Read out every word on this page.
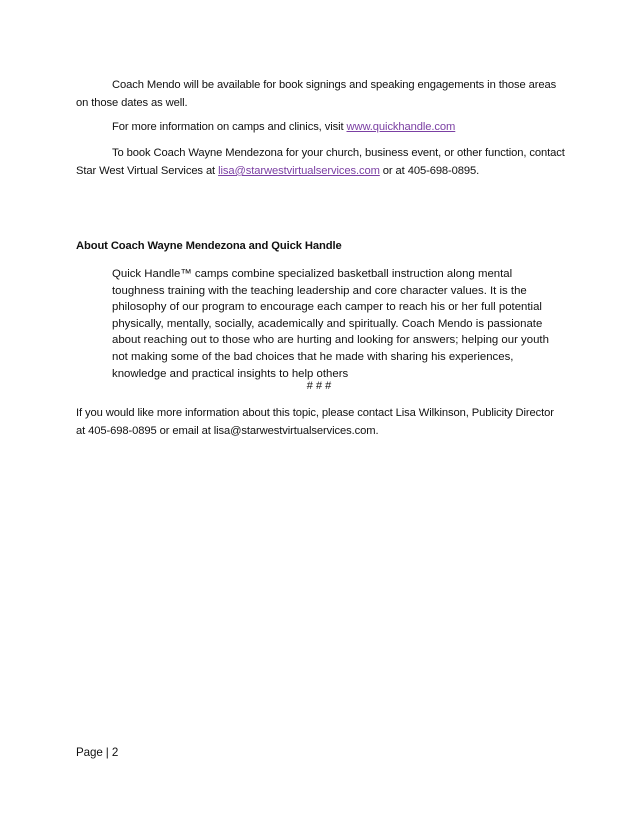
Coach Mendo will be available for book signings and speaking engagements in those areas on those dates as well.
For more information on camps and clinics, visit www.quickhandle.com
To book Coach Wayne Mendezona for your church, business event, or other function, contact Star West Virtual Services at lisa@starwestvirtualservices.com or at 405-698-0895.
About Coach Wayne Mendezona and Quick Handle
Quick Handle™ camps combine specialized basketball instruction along mental toughness training with the teaching leadership and core character values. It is the philosophy of our program to encourage each camper to reach his or her full potential physically, mentally, socially, academically and spiritually. Coach Mendo is passionate about reaching out to those who are hurting and looking for answers; helping our youth not making some of the bad choices that he made with sharing his experiences, knowledge and practical insights to help others
# # #
If you would like more information about this topic, please contact Lisa Wilkinson, Publicity Director at 405-698-0895 or email at lisa@starwestvirtualservices.com.
Page | 2
